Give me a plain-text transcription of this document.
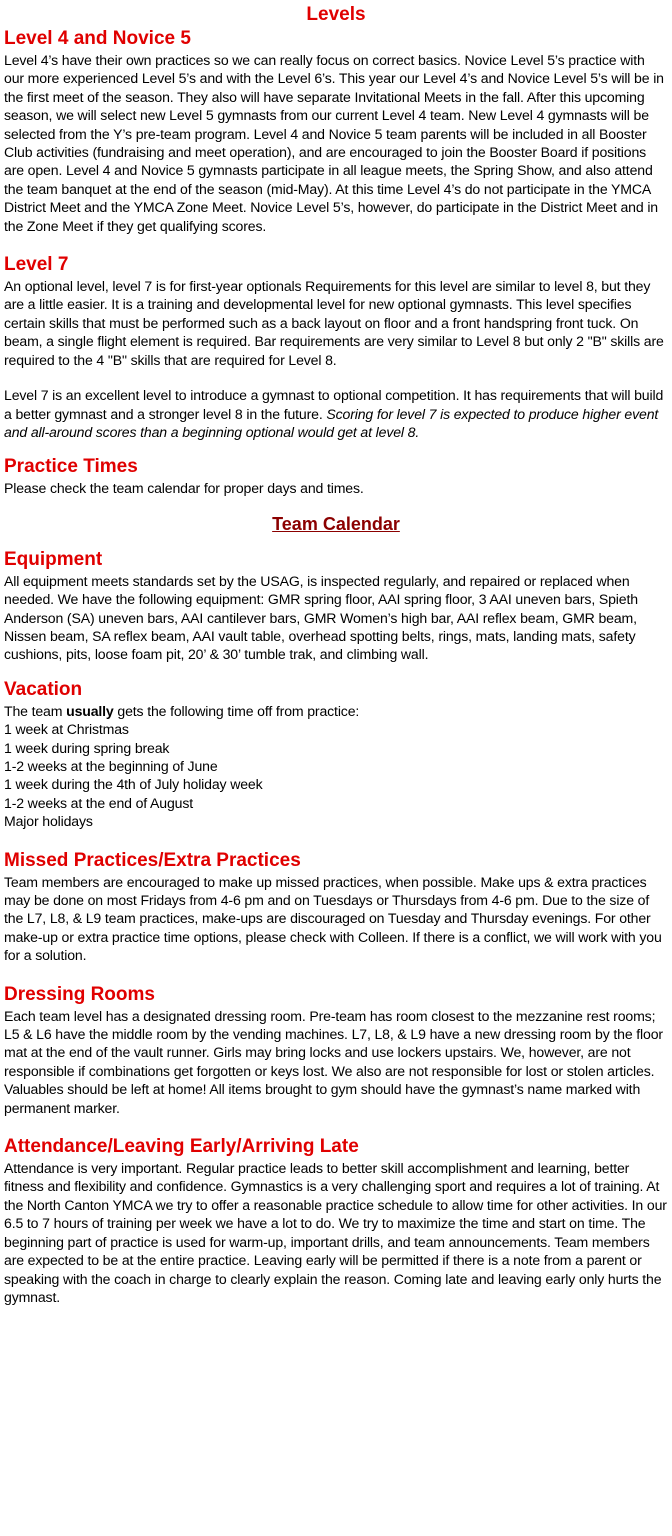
Levels
Level 4 and Novice 5

Level 4’s have their own practices so we can really focus on correct basics. Novice Level 5’s practice with our more experienced Level 5’s and with the Level 6’s. This year our Level 4’s and Novice Level 5’s will be in the first meet of the season. They also will have separate Invitational Meets in the fall. After this upcoming season, we will select new Level 5 gymnasts from our current Level 4 team. New Level 4 gymnasts will be selected from the Y’s pre-team program. Level 4 and Novice 5 team parents will be included in all Booster Club activities (fundraising and meet operation), and are encouraged to join the Booster Board if positions are open. Level 4 and Novice 5 gymnasts participate in all league meets, the Spring Show, and also attend the team banquet at the end of the season (mid-May). At this time Level 4’s do not participate in the YMCA District Meet and the YMCA Zone Meet. Novice Level 5’s, however, do participate in the District Meet and in the Zone Meet if they get qualifying scores.

Level 7

An optional level, level 7 is for first-year optionals Requirements for this level are similar to level 8, but they are a little easier. It is a training and developmental level for new optional gymnasts. This level specifies certain skills that must be performed such as a back layout on floor and a front handspring front tuck. On beam, a single flight element is required. Bar requirements are very similar to Level 8 but only 2 "B" skills are required to the 4 "B" skills that are required for Level 8.

Level 7 is an excellent level to introduce a gymnast to optional competition. It has requirements that will build a better gymnast and a stronger level 8 in the future. Scoring for level 7 is expected to produce higher event and all-around scores than a beginning optional would get at level 8.

Practice Times

Please check the team calendar for proper days and times.

Team Calendar
Equipment

All equipment meets standards set by the USAG, is inspected regularly, and repaired or replaced when needed. We have the following equipment: GMR spring floor, AAI spring floor, 3 AAI uneven bars, Spieth Anderson (SA) uneven bars, AAI cantilever bars, GMR Women’s high bar, AAI reflex beam, GMR beam, Nissen beam, SA reflex beam, AAI vault table, overhead spotting belts, rings, mats, landing mats, safety cushions, pits, loose foam pit, 20’ & 30’ tumble trak, and climbing wall.

Vacation

The team usually gets the following time off from practice:

1 week at Christmas
1 week during spring break
1-2 weeks at the beginning of June
1 week during the 4th of July holiday week
1-2 weeks at the end of August
Major holidays
Missed Practices/Extra Practices

Team members are encouraged to make up missed practices, when possible. Make ups & extra practices may be done on most Fridays from 4-6 pm and on Tuesdays or Thursdays from 4-6 pm. Due to the size of the L7, L8, & L9 team practices, make-ups are discouraged on Tuesday and Thursday evenings. For other make-up or extra practice time options, please check with Colleen. If there is a conflict, we will work with you for a solution.

Dressing Rooms

Each team level has a designated dressing room. Pre-team has room closest to the mezzanine rest rooms; L5 & L6 have the middle room by the vending machines. L7, L8, & L9 have a new dressing room by the floor mat at the end of the vault runner. Girls may bring locks and use lockers upstairs. We, however, are not responsible if combinations get forgotten or keys lost. We also are not responsible for lost or stolen articles. Valuables should be left at home! All items brought to gym should have the gymnast’s name marked with permanent marker.

Attendance/Leaving Early/Arriving Late

Attendance is very important. Regular practice leads to better skill accomplishment and learning, better fitness and flexibility and confidence. Gymnastics is a very challenging sport and requires a lot of training. At the North Canton YMCA we try to offer a reasonable practice schedule to allow time for other activities. In our 6.5 to 7 hours of training per week we have a lot to do. We try to maximize the time and start on time. The beginning part of practice is used for warm-up, important drills, and team announcements. Team members are expected to be at the entire practice. Leaving early will be permitted if there is a note from a parent or speaking with the coach in charge to clearly explain the reason. Coming late and leaving early only hurts the gymnast.
